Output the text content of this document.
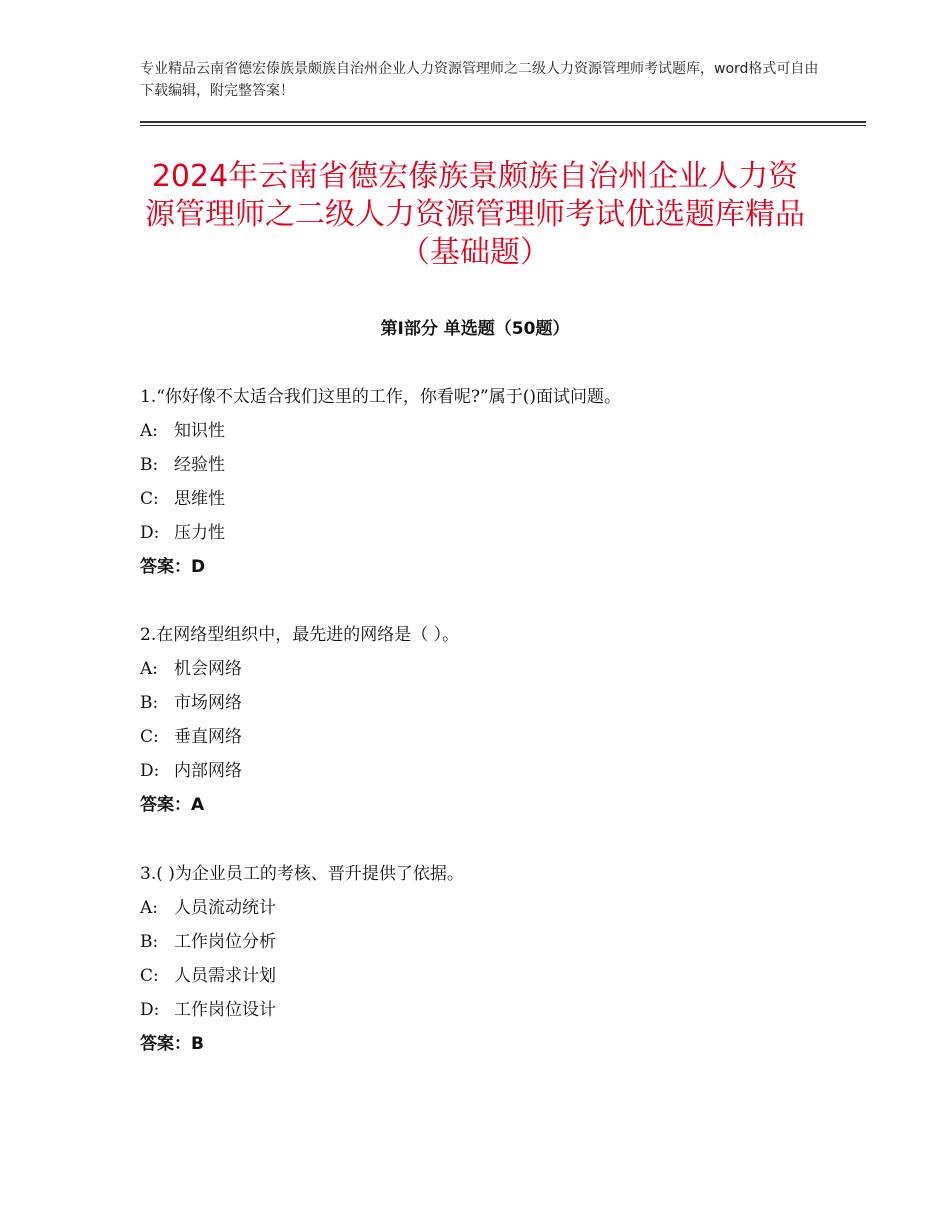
专业精品云南省德宏傣族景颇族自治州企业人力资源管理师之二级人力资源管理师考试题库，word格式可自由下载编辑，附完整答案！
2024年云南省德宏傣族景颇族自治州企业人力资源管理师之二级人力资源管理师考试优选题库精品（基础题）
第Ⅰ部分 单选题（50题）
1.“你好像不太适合我们这里的工作，你看呢?”属于()面试问题。
A: 知识性
B: 经验性
C: 思维性
D: 压力性
答案：D
2.在网络型组织中，最先进的网络是（ ）。
A: 机会网络
B: 市场网络
C: 垂直网络
D: 内部网络
答案：A
3.( )为企业员工的考核、晋升提供了依据。
A: 人员流动统计
B: 工作岗位分析
C: 人员需求计划
D: 工作岗位设计
答案：B
